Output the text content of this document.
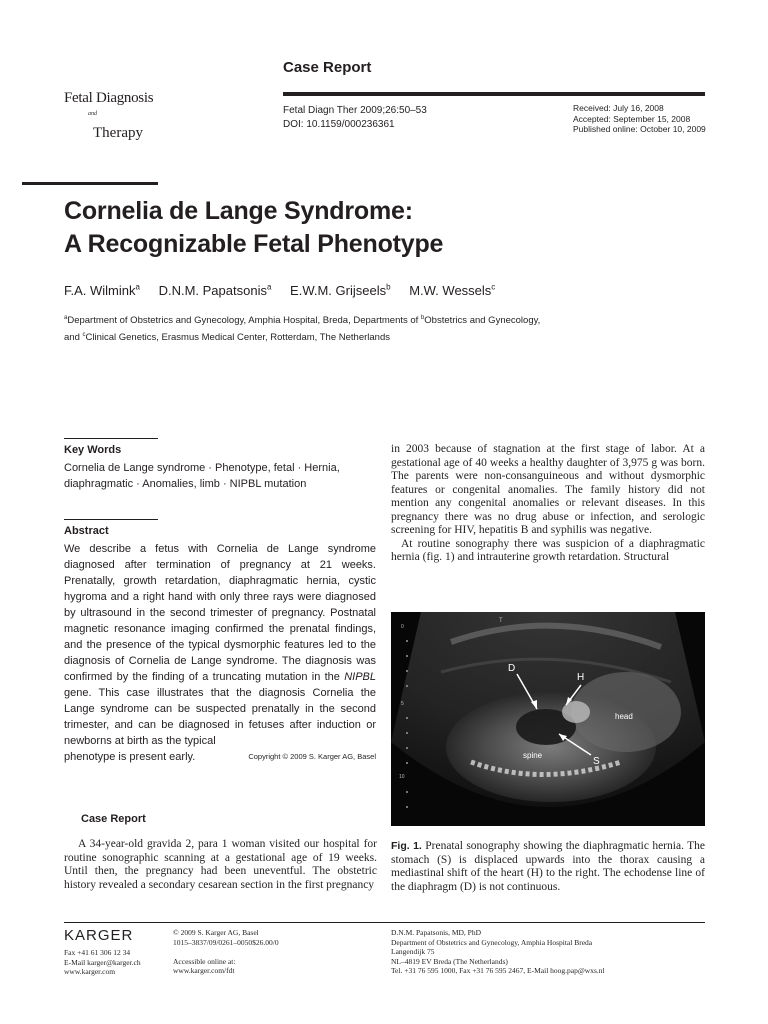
Fetal Diagnosis
$^{and}$
Therapy
Case Report
Fetal Diagn Ther 2009;26:50–53
DOI: 10.1159/000236361
Received: July 16, 2008
Accepted: September 15, 2008
Published online: October 10, 2009
Cornelia de Lange Syndrome:
A Recognizable Fetal Phenotype
F.A. Wilmink$^a$ D.N.M. Papatsonis$^a$ E.W.M. Grijseels$^b$ M.W. Wessels$^c$
$^a$Department of Obstetrics and Gynecology, Amphia Hospital, Breda, Departments of $^b$Obstetrics and Gynecology,
and $^c$Clinical Genetics, Erasmus Medical Center, Rotterdam, The Netherlands
Key Words
Cornelia de Lange syndrome · Phenotype, fetal · Hernia,
diaphragmatic · Anomalies, limb · NIPBL mutation
Abstract
We describe a fetus with Cornelia de Lange syndrome diagnosed after termination of pregnancy at 21 weeks. Prenatally, growth retardation, diaphragmatic hernia, cystic hygroma and a right hand with only three rays were diagnosed by ultrasound in the second trimester of pregnancy. Postnatal magnetic resonance imaging confirmed the prenatal findings, and the presence of the typical dysmorphic features led to the diagnosis of Cornelia de Lange syndrome. The diagnosis was confirmed by the finding of a truncating mutation in the NIPBL gene. This case illustrates that the diagnosis Cornelia the Lange syndrome can be suspected prenatally in the second trimester, and can be diagnosed in fetuses after induction or newborns at birth as the typical
phenotype is present early.	Copyright © 2009 S. Karger AG, Basel
Case Report
A 34-year-old gravida 2, para 1 woman visited our hospital for routine sonographic scanning at a gestational age of 19 weeks. Until then, the pregnancy had been uneventful. The obstetric history revealed a secondary cesarean section in the first pregnancy

in 2003 because of stagnation at the first stage of labor. At a gestational age of 40 weeks a healthy daughter of 3,975 g was born. The parents were non-consanguineous and without dysmorphic features or congenital anomalies. The family history did not mention any congenital anomalies or relevant diseases. In this pregnancy there was no drug abuse or infection, and serologic screening for HIV, hepatitis B and syphilis was negative.

At routine sonography there was suspicion of a diaphragmatic hernia (fig. 1) and intrauterine growth retardation. Structural

D
H
head
spine
S
T
0
5
10
Fig. 1. Prenatal sonography showing the diaphragmatic hernia. The stomach (S) is displaced upwards into the thorax causing a mediastinal shift of the heart (H) to the right. The echodense line of the diaphragm (D) is not continuous.
KARGER
Fax +41 61 306 12 34
E-Mail karger@karger.ch
www.karger.com
© 2009 S. Karger AG, Basel
1015–3837/09/0261–0050$26.00/0
Accessible online at:
www.karger.com/fdt
D.N.M. Papatsonis, MD, PhD
Department of Obstetrics and Gynecology, Amphia Hospital Breda
Langendijk 75
NL–4819 EV Breda (The Netherlands)
Tel. +31 76 595 1000, Fax +31 76 595 2467, E-Mail hoog.pap@wxs.nl
